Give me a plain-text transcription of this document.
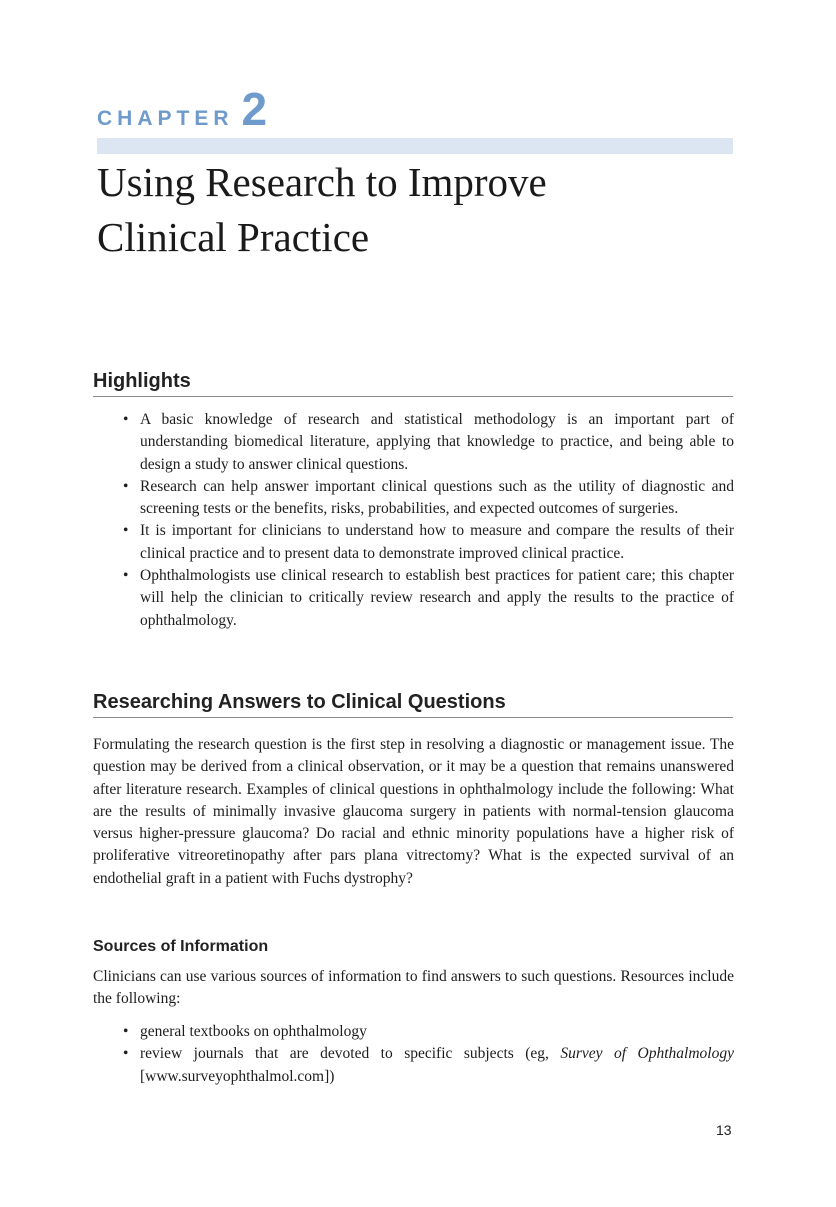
CHAPTER 2
Using Research to Improve
Clinical Practice
Highlights
• A basic knowledge of research and statistical methodology is an important part of understanding biomedical literature, applying that knowledge to practice, and being able to design a study to answer clinical questions.
• Research can help answer important clinical questions such as the utility of diagnostic and screening tests or the benefits, risks, probabilities, and expected outcomes of surgeries.
• It is important for clinicians to understand how to measure and compare the results of their clinical practice and to present data to demonstrate improved clinical practice.
• Ophthalmologists use clinical research to establish best practices for patient care; this chapter will help the clinician to critically review research and apply the results to the practice of ophthalmology.
Researching Answers to Clinical Questions

Formulating the research question is the first step in resolving a diagnostic or management issue. The question may be derived from a clinical observation, or it may be a question that remains unanswered after literature research. Examples of clinical questions in ophthalmology include the following: What are the results of minimally invasive glaucoma surgery in patients with normal-tension glaucoma versus higher-pressure glaucoma? Do racial and ethnic minority populations have a higher risk of proliferative vitreoretinopathy after pars plana vitrectomy? What is the expected survival of an endothelial graft in a patient with Fuchs dystrophy?

Sources of Information

Clinicians can use various sources of information to find answers to such questions. Resources include the following:

• general textbooks on ophthalmology
• review journals that are devoted to specific subjects (eg, Survey of Ophthalmology [www.surveyophthalmol.com])
13
